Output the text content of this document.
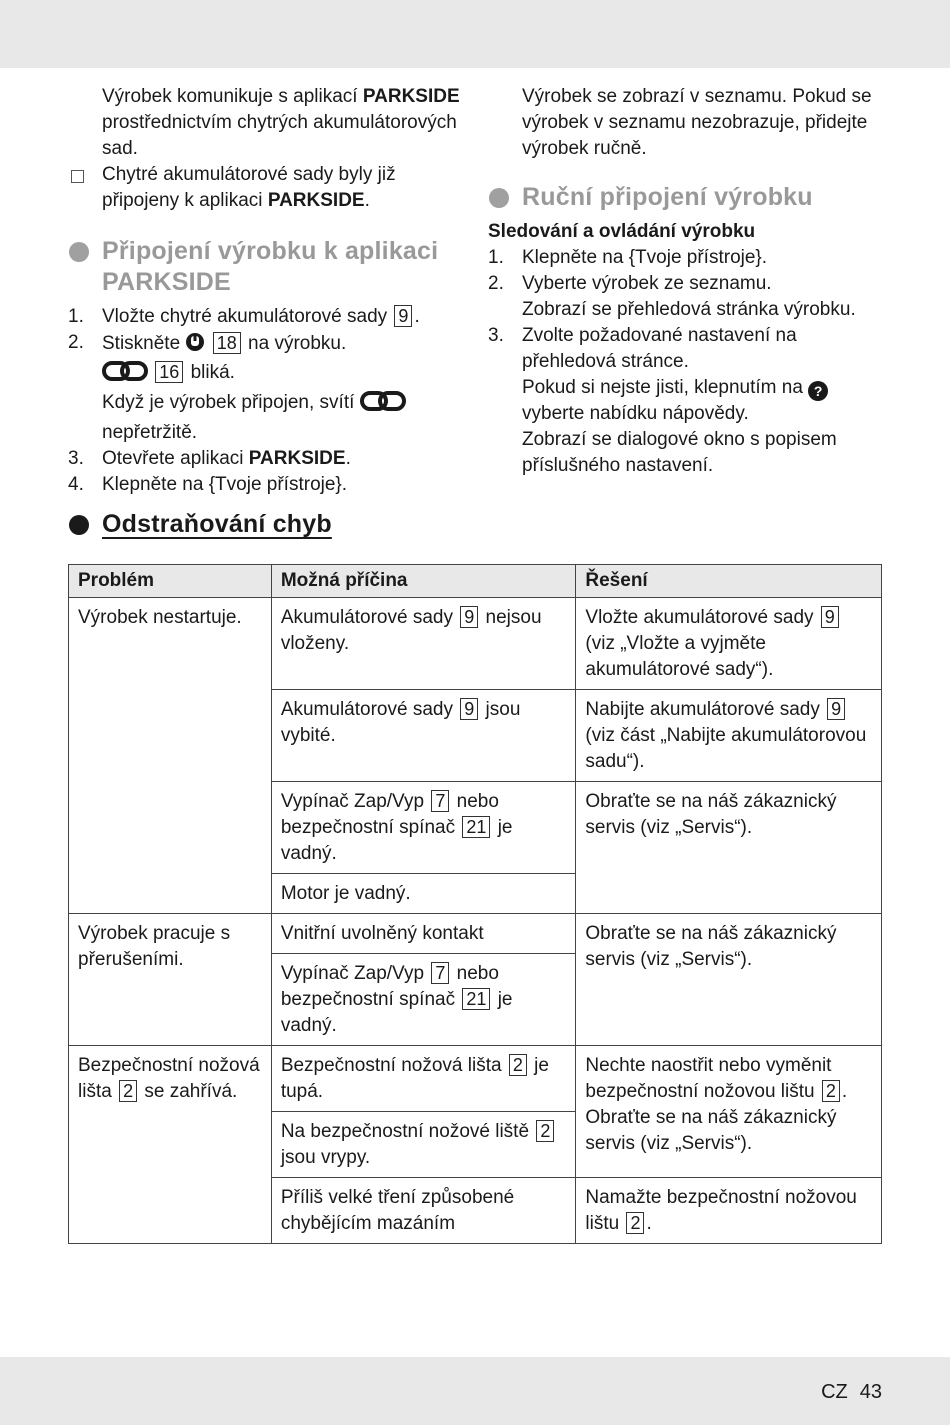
Výrobek komunikuje s aplikací PARKSIDE prostřednictvím chytrých akumulátorových sad.
Chytré akumulátorové sady byly již připojeny k aplikaci PARKSIDE.
Připojení výrobku k aplikaci PARKSIDE
1. Vložte chytré akumulátorové sady 9 .
2. Stiskněte 18 na výrobku.
16 bliká.
Když je výrobek připojen, svítí
nepřetržitě.
3. Otevřete aplikaci PARKSIDE.
4. Klepněte na {Tvoje přístroje}.
Výrobek se zobrazí v seznamu. Pokud se výrobek v seznamu nezobrazuje, přidejte výrobek ručně.
Ruční připojení výrobku
Sledování a ovládání výrobku
1. Klepněte na {Tvoje přístroje}.
2. Vyberte výrobek ze seznamu.
Zobrazí se přehledová stránka výrobku.
3. Zvolte požadované nastavení na přehledová stránce.
Pokud si nejste jisti, klepnutím na ? vyberte nabídku nápovědy.
Zobrazí se dialogové okno s popisem příslušného nastavení.
Odstraňování chyb
Problém	Možná příčina	Řešení
Výrobek nestartuje.	Akumulátorové sady 9 nejsou vloženy.	Vložte akumulátorové sady 9 (viz „Vložte a vyjměte akumulátorové sady“).
	Akumulátorové sady 9 jsou vybité.	Nabijte akumulátorové sady 9 (viz část „Nabijte akumulátorovou sadu“).
	Vypínač Zap/Vyp 7 nebo bezpečnostní spínač 21 je vadný.	Obraťte se na náš zákaznický servis (viz „Servis“).
	Motor je vadný.	
Výrobek pracuje s přerušeními.	Vnitřní uvolněný kontakt	Obraťte se na náš zákaznický servis (viz „Servis“).
	Vypínač Zap/Vyp 7 nebo bezpečnostní spínač 21 je vadný.	
Bezpečnostní nožová lišta 2 se zahřívá.	Bezpečnostní nožová lišta 2 je tupá.	Nechte naostřit nebo vyměnit bezpečnostní nožovou lištu 2 .
Obraťte se na náš zákaznický servis (viz „Servis“).
	Na bezpečnostní nožové liště 2 jsou vrypy.	
	Příliš velké tření způsobené chybějícím mazáním	Namažte bezpečnostní nožovou lištu 2 .
CZ 43
